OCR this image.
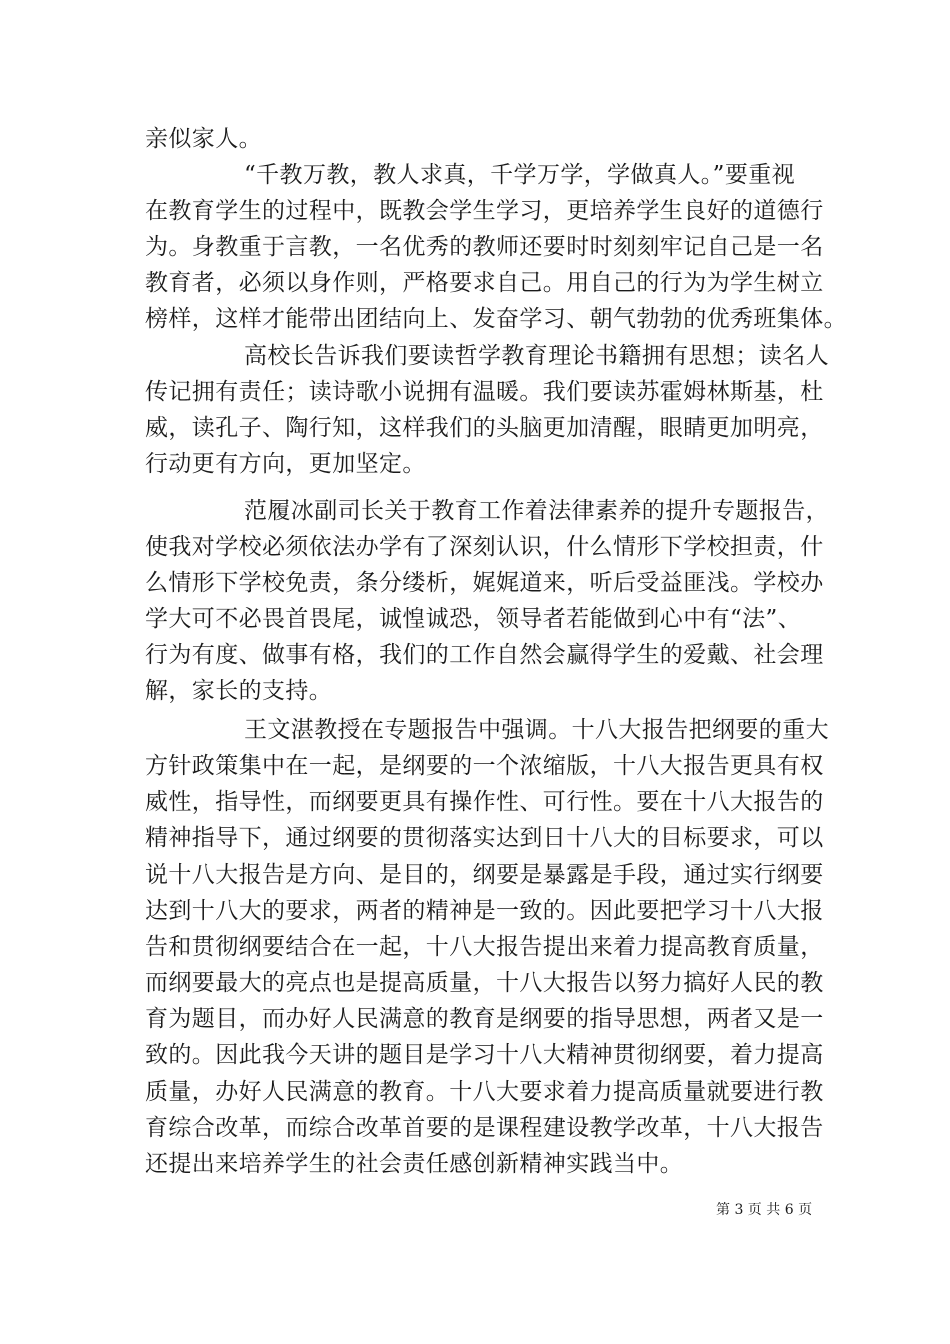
亲似家人。
“千教万教，教人求真，千学万学，学做真人。”要重视
在教育学生的过程中，既教会学生学习，更培养学生良好的道德行
为。身教重于言教，一名优秀的教师还要时时刻刻牢记自己是一名
教育者，必须以身作则，严格要求自己。用自己的行为为学生树立
榜样，这样才能带出团结向上、发奋学习、朝气勃勃的优秀班集体。
高校长告诉我们要读哲学教育理论书籍拥有思想；读名人
传记拥有责任；读诗歌小说拥有温暖。我们要读苏霍姆林斯基，杜
威，读孔子、陶行知，这样我们的头脑更加清醒，眼睛更加明亮，
行动更有方向，更加坚定。
范履冰副司长关于教育工作着法律素养的提升专题报告，
使我对学校必须依法办学有了深刻认识，什么情形下学校担责，什
么情形下学校免责，条分缕析，娓娓道来，听后受益匪浅。学校办
学大可不必畏首畏尾，诚惶诚恐，领导者若能做到心中有“法”、
行为有度、做事有格，我们的工作自然会赢得学生的爱戴、社会理
解，家长的支持。
王文湛教授在专题报告中强调。十八大报告把纲要的重大
方针政策集中在一起，是纲要的一个浓缩版，十八大报告更具有权
威性，指导性，而纲要更具有操作性、可行性。要在十八大报告的
精神指导下，通过纲要的贯彻落实达到日十八大的目标要求，可以
说十八大报告是方向、是目的，纲要是暴露是手段，通过实行纲要
达到十八大的要求，两者的精神是一致的。因此要把学习十八大报
告和贯彻纲要结合在一起，十八大报告提出来着力提高教育质量，
而纲要最大的亮点也是提高质量，十八大报告以努力搞好人民的教
育为题目，而办好人民满意的教育是纲要的指导思想，两者又是一
致的。因此我今天讲的题目是学习十八大精神贯彻纲要，着力提高
质量，办好人民满意的教育。十八大要求着力提高质量就要进行教
育综合改革，而综合改革首要的是课程建设教学改革，十八大报告
还提出来培养学生的社会责任感创新精神实践当中。
第 3 页 共 6 页
